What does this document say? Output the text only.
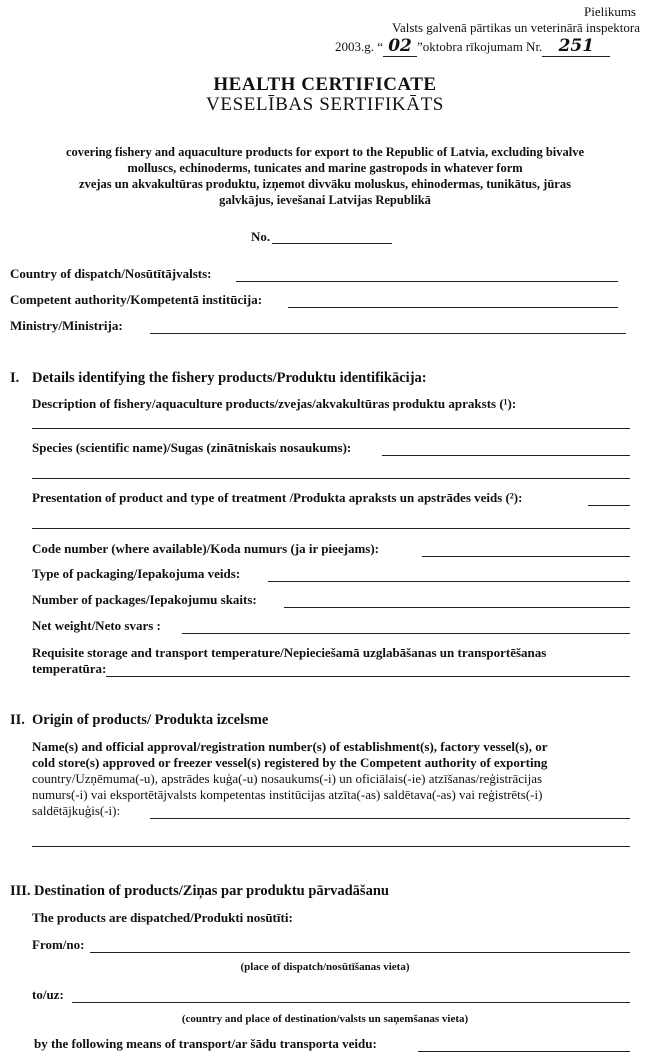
Pielikums
Valsts galvenā pārtikas un veterinārā inspektora
2003.g. “ 02 ”oktobra rīkojumam Nr. 251
HEALTH CERTIFICATE
VESELĪBAS SERTIFIKĀTS
covering fishery and aquaculture products for export to the Republic of Latvia, excluding bivalve
molluscs, echinoderms, tunicates and marine gastropods in whatever form
zvejas un akvakultūras produktu, izņemot divvāku moluskus, ehinodermas, tunikātus, jūras
galvkājus, ievešanai Latvijas Republikā
No.
Country of dispatch/Nosūtītājvalsts:
Competent authority/Kompetentā institūcija:
Ministry/Ministrija:
I. Details identifying the fishery products/Produktu identifikācija:
Description of fishery/aquaculture products/zvejas/akvakultūras produktu apraksts (¹):
Species (scientific name)/Sugas (zinātniskais nosaukums):
Presentation of product and type of treatment /Produkta apraksts un apstrādes veids (²):
Code number (where available)/Koda numurs (ja ir pieejams):
Type of packaging/Iepakojuma veids:
Number of packages/Iepakojumu skaits:
Net weight/Neto svars :
Requisite storage and transport temperature/Nepieciešamā uzglabāšanas un transportēšanas
temperatūra:
II. Origin of products/ Produkta izcelsme
Name(s) and official approval/registration number(s) of establishment(s), factory vessel(s), or
cold store(s) approved or freezer vessel(s) registered by the Competent authority of exporting
country/Uzņēmuma(-u), apstrādes kuģa(-u) nosaukums(-i) un oficiālais(-ie) atzīšanas/reģistrācijas
numurs(-i) vai eksportētājvalsts kompetentas institūcijas atzīta(-as) saldētava(-as) vai reģistrēts(-i)
saldētājkuģis(-i):
III. Destination of products/Ziņas par produktu pārvadāšanu
The products are dispatched/Produkti nosūtīti:
From/no:
(place of dispatch/nosūtīšanas vieta)
to/uz:
(country and place of destination/valsts un saņemšanas vieta)
by the following means of transport/ar šādu transporta veidu:
